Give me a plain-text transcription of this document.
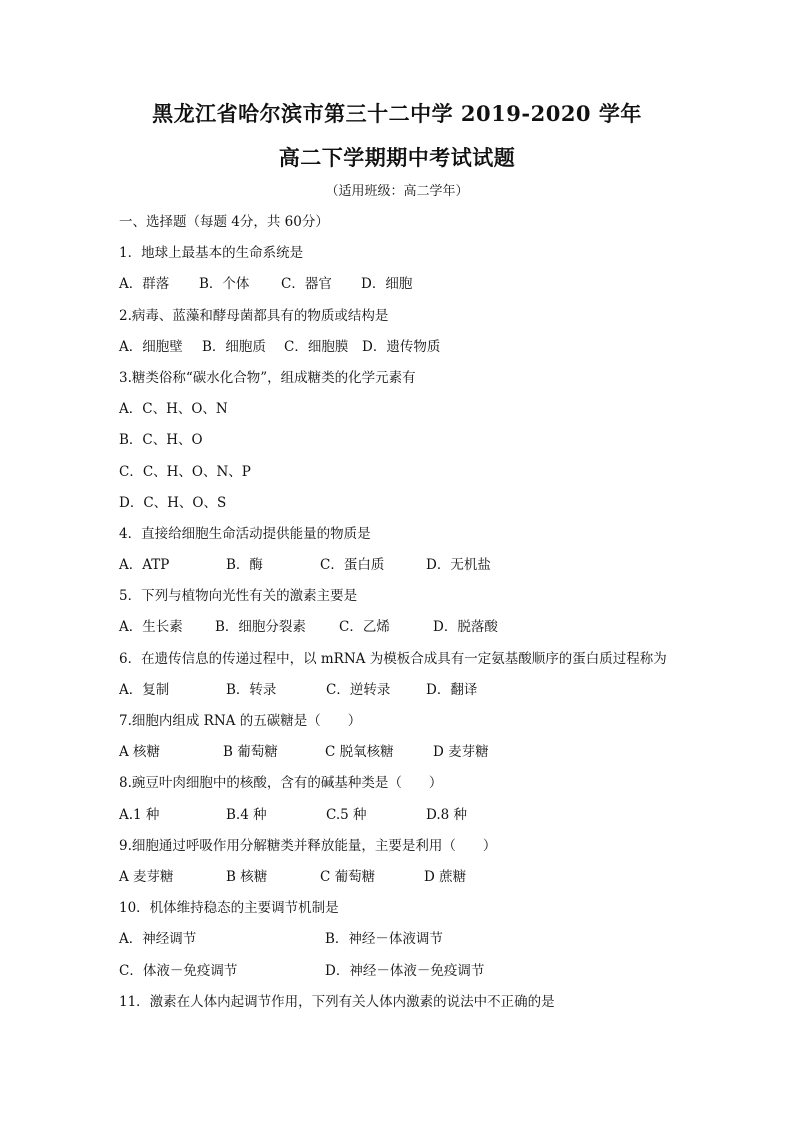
黑龙江省哈尔滨市第三十二中学 2019-2020 学年
高二下学期期中考试试题
（适用班级：高二学年）
一、选择题（每题 4分，共 60分）
1．地球上最基本的生命系统是
A．群落	B．个体	C．器官	D．细胞
2.病毒、蓝藻和酵母菌都具有的物质或结构是
A．细胞壁	B．细胞质	C．细胞膜	D．遗传物质
3.糖类俗称“碳水化合物”，组成糖类的化学元素有
A．C、H、O、N
B．C、H、O
C．C、H、O、N、P
D．C、H、O、S
4．直接给细胞生命活动提供能量的物质是
A．ATP	B．酶	C．蛋白质	D．无机盐
5．下列与植物向光性有关的激素主要是
A．生长素	B．细胞分裂素	C．乙烯	D．脱落酸
6．在遗传信息的传递过程中，以 mRNA 为模板合成具有一定氨基酸顺序的蛋白质过程称为
A．复制	B．转录	C．逆转录	D．翻译
7.细胞内组成 RNA 的五碳糖是（　　）
A 核糖	B 葡萄糖	C 脱氧核糖	D 麦芽糖
8.豌豆叶肉细胞中的核酸，含有的碱基种类是（　　）
A.1 种	B.4 种	C.5 种	D.8 种
9.细胞通过呼吸作用分解糖类并释放能量，主要是利用（　　）
A 麦芽糖	B 核糖	C 葡萄糖	D 蔗糖
10．机体维持稳态的主要调节机制是
A．神经调节	B．神经－体液调节
C．体液－免疫调节	D．神经－体液－免疫调节
11．激素在人体内起调节作用，下列有关人体内激素的说法中不正确的是
